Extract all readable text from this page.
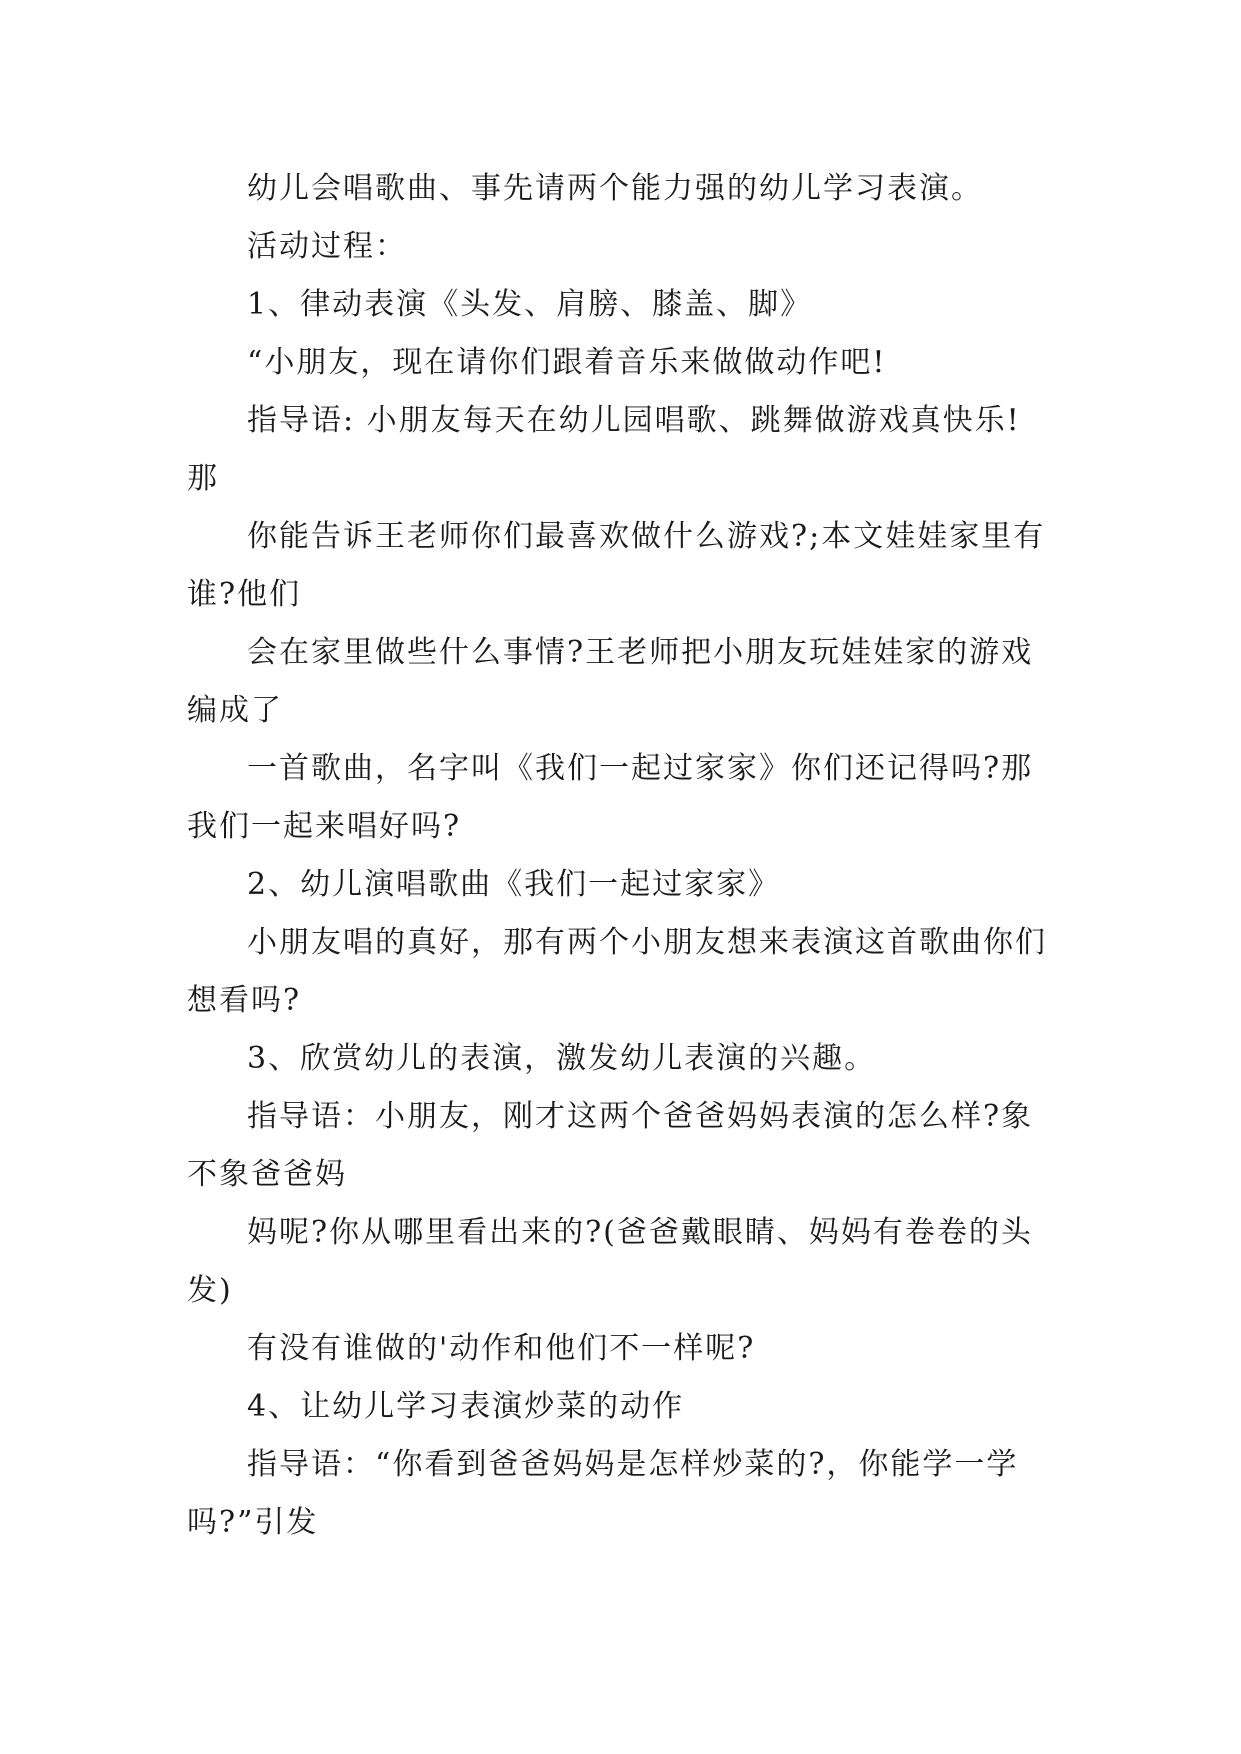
幼儿会唱歌曲、事先请两个能力强的幼儿学习表演。

活动过程：

1、律动表演《头发、肩膀、膝盖、脚》

“小朋友，现在请你们跟着音乐来做做动作吧!

指导语: 小朋友每天在幼儿园唱歌、跳舞做游戏真快乐! 那

你能告诉王老师你们最喜欢做什么游戏?;本文娃娃家里有谁?他们

会在家里做些什么事情?王老师把小朋友玩娃娃家的游戏编成了

一首歌曲，名字叫《我们一起过家家》你们还记得吗?那我们一起来唱好吗?

2、幼儿演唱歌曲《我们一起过家家》

小朋友唱的真好，那有两个小朋友想来表演这首歌曲你们想看吗?

3、欣赏幼儿的表演，激发幼儿表演的兴趣。

指导语：小朋友，刚才这两个爸爸妈妈表演的怎么样?象不象爸爸妈

妈呢?你从哪里看出来的?(爸爸戴眼睛、妈妈有卷卷的头发)

有没有谁做的'动作和他们不一样呢?

4、让幼儿学习表演炒菜的动作

指导语：“你看到爸爸妈妈是怎样炒菜的?，你能学一学吗?”引发
